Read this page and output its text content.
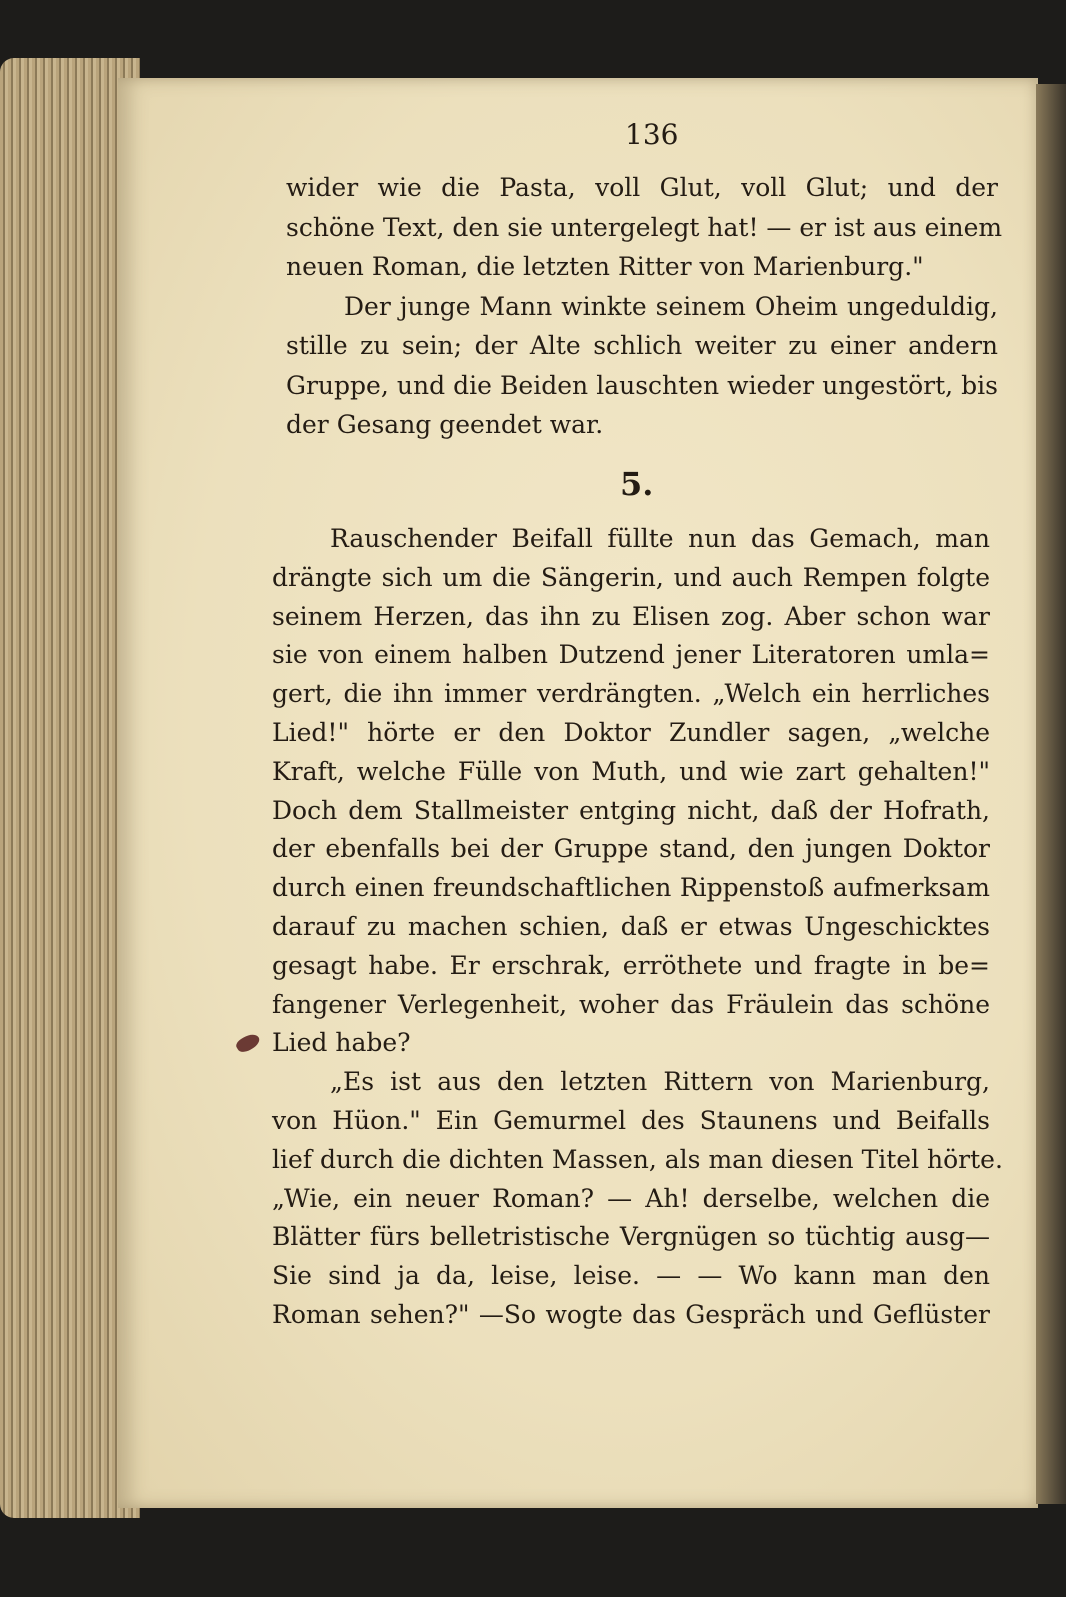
136
wider wie die Pasta, voll Glut, voll Glut; und der
schöne Text, den sie untergelegt hat! — er ist aus einem
neuen Roman, die letzten Ritter von Marienburg."
Der junge Mann winkte seinem Oheim ungeduldig,
stille zu sein; der Alte schlich weiter zu einer andern
Gruppe, und die Beiden lauschten wieder ungestört, bis
der Gesang geendet war.
5.
Rauschender Beifall füllte nun das Gemach, man
drängte sich um die Sängerin, und auch Rempen folgte
seinem Herzen, das ihn zu Elisen zog. Aber schon war
sie von einem halben Dutzend jener Literatoren umla=
gert, die ihn immer verdrängten. „Welch ein herrliches
Lied!" hörte er den Doktor Zundler sagen, „welche
Kraft, welche Fülle von Muth, und wie zart gehalten!"
Doch dem Stallmeister entging nicht, daß der Hofrath,
der ebenfalls bei der Gruppe stand, den jungen Doktor
durch einen freundschaftlichen Rippenstoß aufmerksam
darauf zu machen schien, daß er etwas Ungeschicktes
gesagt habe. Er erschrak, erröthete und fragte in be=
fangener Verlegenheit, woher das Fräulein das schöne
Lied habe?
„Es ist aus den letzten Rittern von Marienburg,
von Hüon." Ein Gemurmel des Staunens und Beifalls
lief durch die dichten Massen, als man diesen Titel hörte.
„Wie, ein neuer Roman? — Ah! derselbe, welchen die
Blätter fürs belletristische Vergnügen so tüchtig ausg—
Sie sind ja da, leise, leise. — — Wo kann man den
Roman sehen?" —So wogte das Gespräch und Geflüster
